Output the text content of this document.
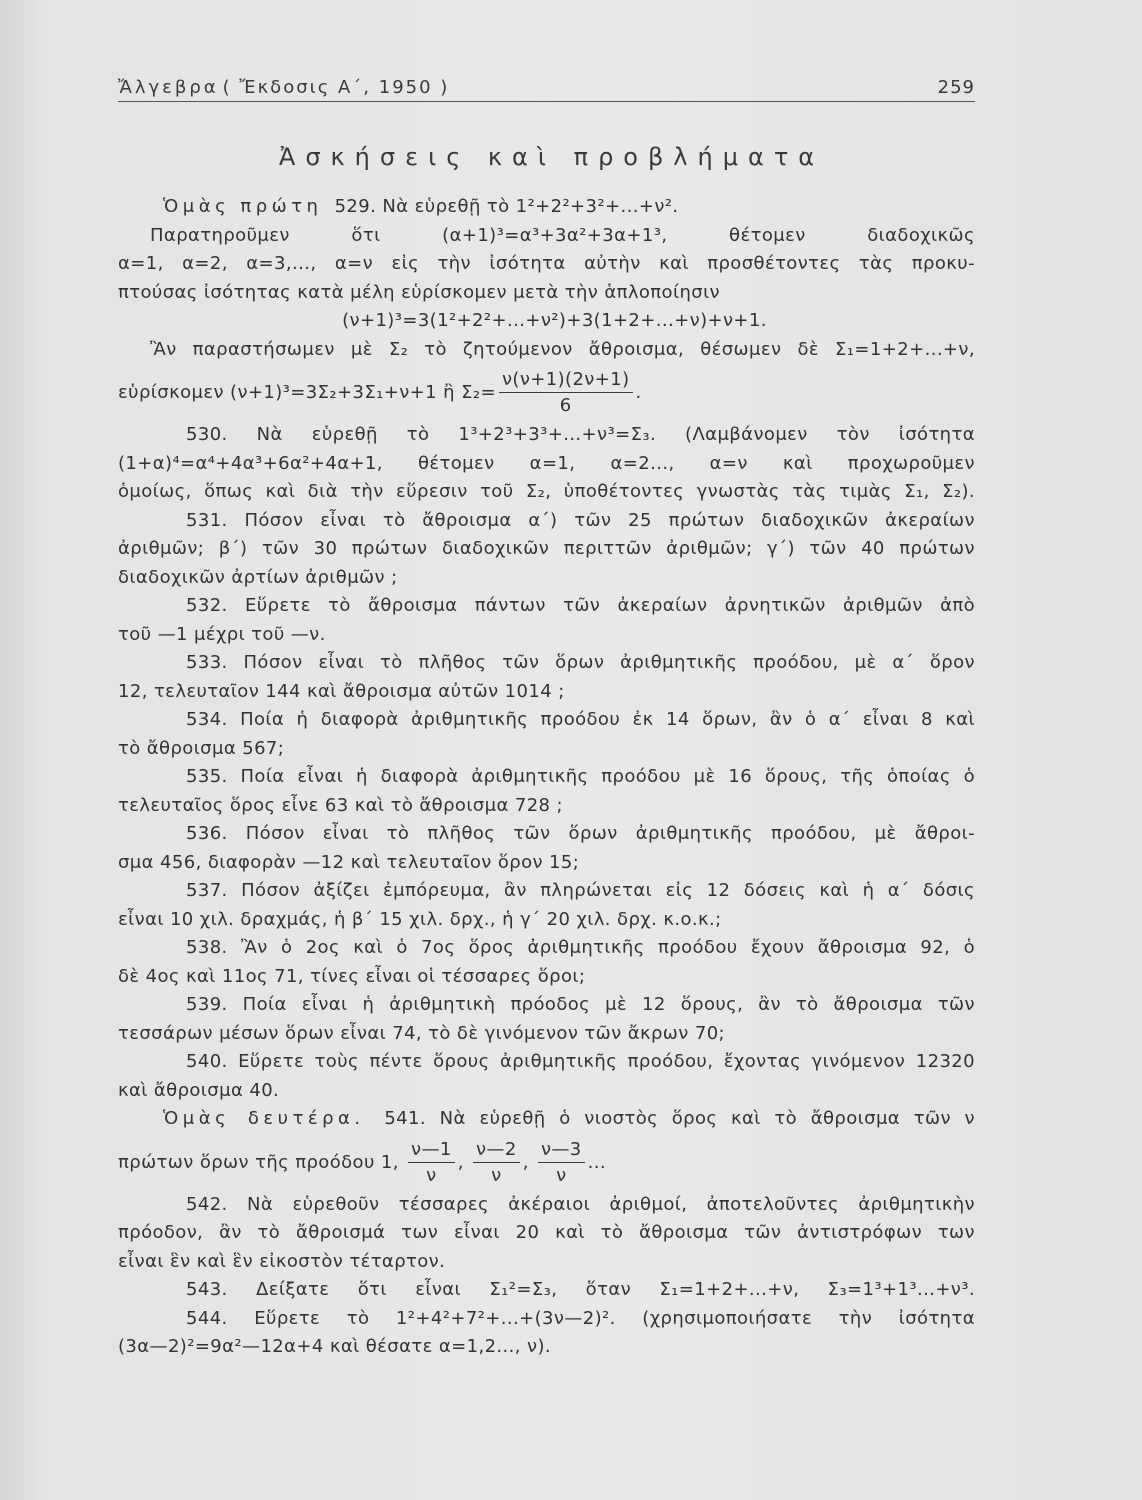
Ἄλγεβρα ( Ἔκδοσις Α΄, 1950 )	259
Ἀσκήσεις καὶ προβλήματα
Ὁμὰς πρώτη 529. Νὰ εὑρεθῇ τὸ 1²+2²+3²+...+ν².
Παρατηροῦμεν ὅτι (α+1)³=α³+3α²+3α+1³, θέτομεν διαδοχικῶς
α=1, α=2, α=3,..., α=ν εἰς τὴν ἰσότητα αὐτὴν καὶ προσθέτοντες τὰς προκυ-
πτούσας ἰσότητας κατὰ μέλη εὑρίσκομεν μετὰ τὴν ἁπλοποίησιν
(ν+1)³=3(1²+2²+...+ν²)+3(1+2+...+ν)+ν+1.
Ἂν παραστήσωμεν μὲ Σ₂ τὸ ζητούμενον ἄθροισμα, θέσωμεν δὲ Σ₁=1+2+...+ν,
εὑρίσκομεν (ν+1)³=3Σ₂+3Σ₁+ν+1 ἢ $\Sigma_2= \frac{\nu(\nu+1)(2\nu+1)}{6}$ .
530. Νὰ εὑρεθῇ τὸ 1³+2³+3³+...+ν³=Σ₃. (Λαμβάνομεν τὸν ἰσότητα
(1+α)⁴=α⁴+4α³+6α²+4α+1, θέτομεν α=1, α=2..., α=ν καὶ προχωροῦμεν
ὁμοίως, ὅπως καὶ διὰ τὴν εὕρεσιν τοῦ Σ₂, ὑποθέτοντες γνωστὰς τὰς τιμὰς Σ₁, Σ₂).
531. Πόσον εἶναι τὸ ἄθροισμα α΄) τῶν 25 πρώτων διαδοχικῶν ἀκεραίων
ἀριθμῶν; β΄) τῶν 30 πρώτων διαδοχικῶν περιττῶν ἀριθμῶν; γ΄) τῶν 40 πρώτων
διαδοχικῶν ἀρτίων ἀριθμῶν ;
532. Εὕρετε τὸ ἄθροισμα πάντων τῶν ἀκεραίων ἀρνητικῶν ἀριθμῶν ἀπὸ
τοῦ —1 μέχρι τοῦ —ν.
533. Πόσον εἶναι τὸ πλῆθος τῶν ὅρων ἀριθμητικῆς προόδου, μὲ α΄ ὅρον
12, τελευταῖον 144 καὶ ἄθροισμα αὐτῶν 1014 ;
534. Ποία ἡ διαφορὰ ἀριθμητικῆς προόδου ἐκ 14 ὅρων, ἂν ὁ α΄ εἶναι 8 καὶ
τὸ ἄθροισμα 567;
535. Ποία εἶναι ἡ διαφορὰ ἀριθμητικῆς προόδου μὲ 16 ὅρους, τῆς ὁποίας ὁ
τελευταῖος ὅρος εἶνε 63 καὶ τὸ ἄθροισμα 728 ;
536. Πόσον εἶναι τὸ πλῆθος τῶν ὅρων ἀριθμητικῆς προόδου, μὲ ἄθροι-
σμα 456, διαφορὰν —12 καὶ τελευταῖον ὅρον 15;
537. Πόσον ἀξίζει ἐμπόρευμα, ἂν πληρώνεται εἰς 12 δόσεις καὶ ἡ α΄ δόσις
εἶναι 10 χιλ. δραχμάς, ἡ β΄ 15 χιλ. δρχ., ἡ γ΄ 20 χιλ. δρχ. κ.ο.κ.;
538. Ἂν ὁ 2ος καὶ ὁ 7ος ὅρος ἀριθμητικῆς προόδου ἔχουν ἄθροισμα 92, ὁ
δὲ 4ος καὶ 11ος 71, τίνες εἶναι οἱ τέσσαρες ὅροι;
539. Ποία εἶναι ἡ ἀριθμητικὴ πρόοδος μὲ 12 ὅρους, ἂν τὸ ἄθροισμα τῶν
τεσσάρων μέσων ὅρων εἶναι 74, τὸ δὲ γινόμενον τῶν ἄκρων 70;
540. Εὕρετε τοὺς πέντε ὅρους ἀριθμητικῆς προόδου, ἔχοντας γινόμενον 12320
καὶ ἄθροισμα 40.
Ὁμὰς δευτέρα. 541. Νὰ εὑρεθῇ ὁ νιοστὸς ὅρος καὶ τὸ ἄθροισμα τῶν ν
πρώτων ὅρων τῆς προόδου 1, $\frac{\nu—1}{\nu}$ , $\frac{\nu—2}{\nu}$ , $\frac{\nu—3}{\nu}$ ...
542. Νὰ εὑρεθοῦν τέσσαρες ἀκέραιοι ἀριθμοί, ἀποτελοῦντες ἀριθμητικὴν
πρόοδον, ἂν τὸ ἄθροισμά των εἶναι 20 καὶ τὸ ἄθροισμα τῶν ἀντιστρόφων των
εἶναι ἓν καὶ ἓν εἰκοστὸν τέταρτον.
543. Δείξατε ὅτι εἶναι Σ₁²=Σ₃, ὅταν Σ₁=1+2+...+ν, Σ₃=1³+1³...+ν³.
544. Εὕρετε τὸ 1²+4²+7²+...+(3ν—2)². (χρησιμοποιήσατε τὴν ἰσότητα
(3α—2)²=9α²—12α+4 καὶ θέσατε α=1,2..., ν).
